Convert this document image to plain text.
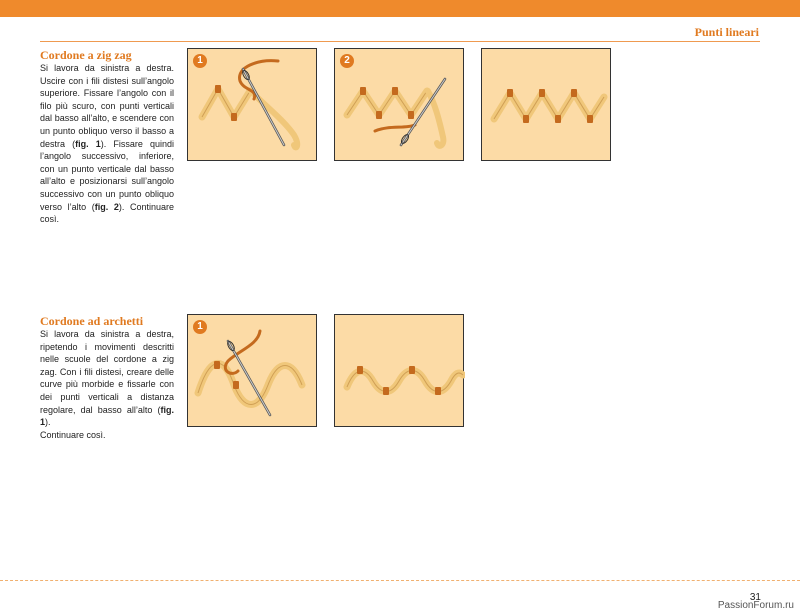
Punti lineari
Cordone a zig zag

Si lavora da sinistra a destra. Uscire con i fili distesi sull’angolo superiore. Fissare l’angolo con il filo più scuro, con punti verticali dal basso all’alto, e scendere con un punto obliquo verso il basso a destra (fig. 1). Fissare quindi l’angolo successivo, inferiore, con un punto verticale dal basso all’alto e posizionarsi sull’angolo successivo con un punto obliquo verso l’alto (fig. 2). Continuare così.

1	2
Cordone ad archetti

Si lavora da sinistra a destra, ripetendo i movimenti descritti nelle scuole del cordone a zig zag. Con i fili distesi, creare delle curve più morbide e fissarle con dei punti verticali a distanza regolare, dal basso all’alto (fig. 1).
Continuare così.

1
31
PassionForum.ru
